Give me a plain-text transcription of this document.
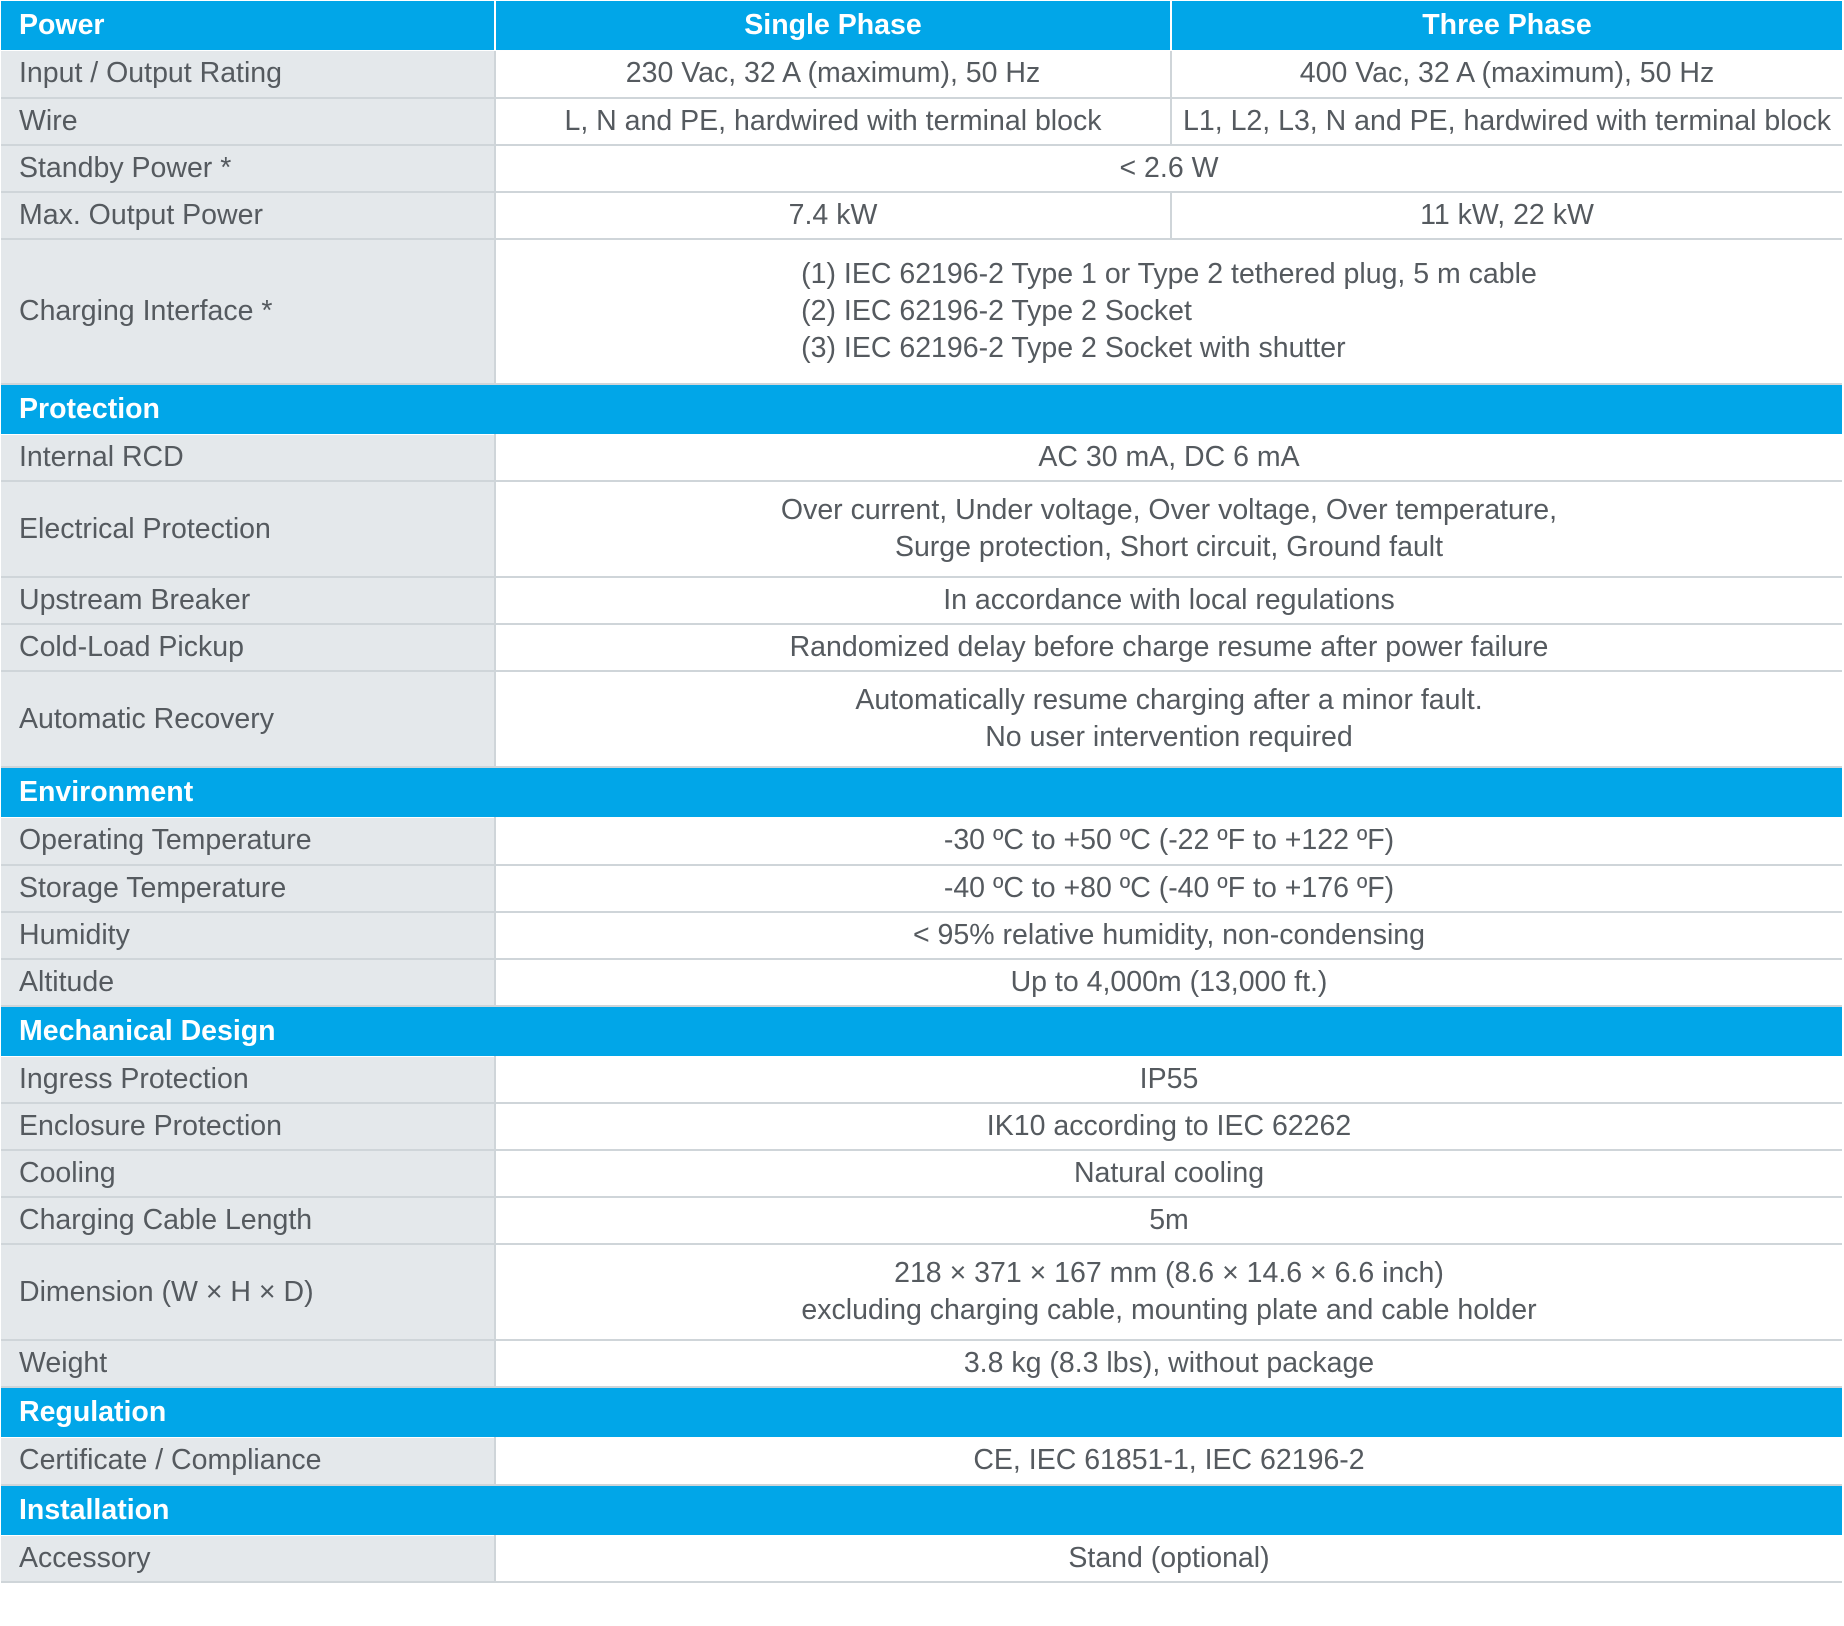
Power	Single Phase	Three Phase
Input / Output Rating	230 Vac, 32 A (maximum), 50 Hz	400 Vac, 32 A (maximum), 50 Hz
Wire	L, N and PE, hardwired with terminal block	L1, L2, L3, N and PE, hardwired with terminal block
Standby Power *	< 2.6 W	
Max. Output Power	7.4 kW	11 kW, 22 kW
Charging Interface *	(1) IEC 62196-2 Type 1 or Type 2 tethered plug, 5 m cable
(2) IEC 62196-2 Type 2 Socket
(3) IEC 62196-2 Type 2 Socket with shutter	

Protection		
Internal RCD	AC 30 mA, DC 6 mA	
Electrical Protection	Over current, Under voltage, Over voltage, Over temperature,
Surge protection, Short circuit, Ground fault	

Upstream Breaker	In accordance with local regulations	
Cold-Load Pickup	Randomized delay before charge resume after power failure	
Automatic Recovery	Automatically resume charging after a minor fault.
No user intervention required	

Environment		
Operating Temperature	-30 ºC to +50 ºC (-22 ºF to +122 ºF)	
Storage Temperature	-40 ºC to +80 ºC (-40 ºF to +176 ºF)	
Humidity	< 95% relative humidity, non-condensing	
Altitude	Up to 4,000m (13,000 ft.)	
Mechanical Design		
Ingress Protection	IP55	
Enclosure Protection	IK10 according to IEC 62262	
Cooling	Natural cooling	
Charging Cable Length	5m	
Dimension (W × H × D)	218 × 371 × 167 mm (8.6 × 14.6 × 6.6 inch)
excluding charging cable, mounting plate and cable holder	

Weight	3.8 kg (8.3 lbs), without package	
Regulation		
Certificate / Compliance	CE, IEC 61851-1, IEC 62196-2	
Installation		
Accessory	Stand (optional)	
